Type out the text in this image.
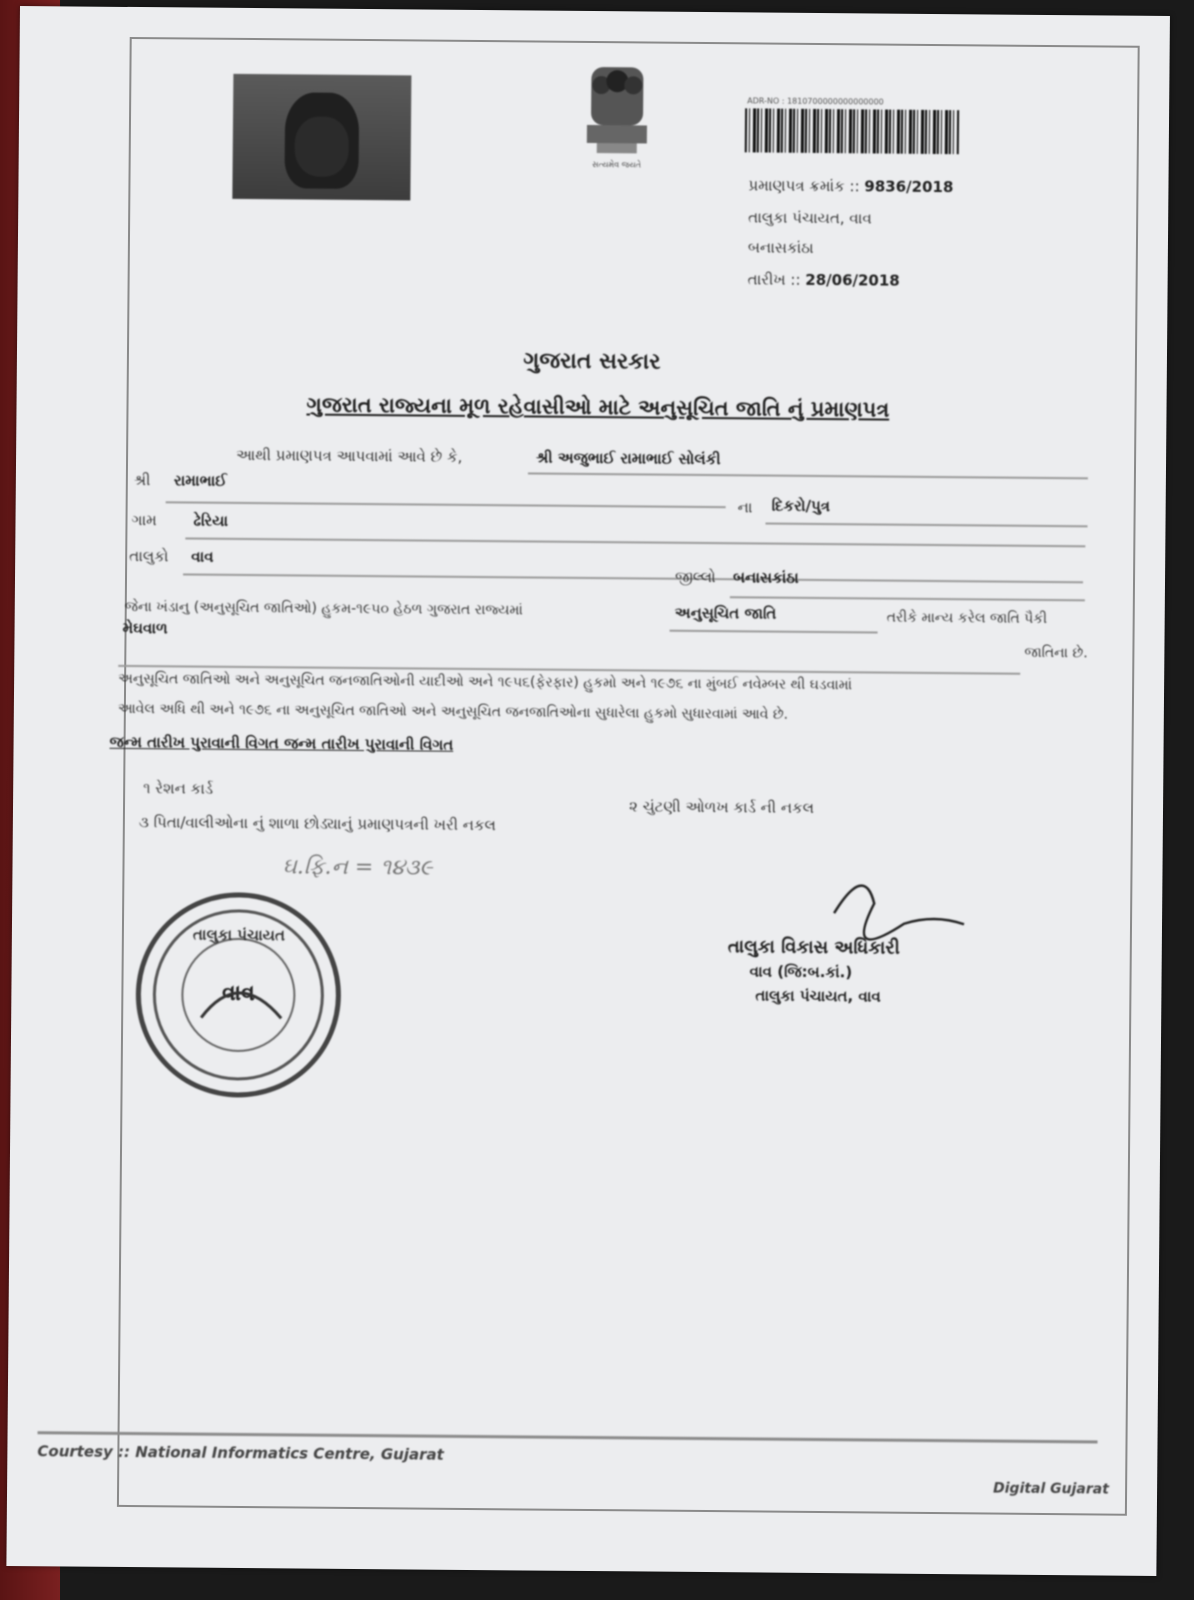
સત્યમેવ જયતે
ADR-NO : 1810700000000000000
પ્રમાણપત્ર ક્રમાંક :: 9836/2018
તાલુકા પંચાયત, વાવ
બનાસકાંઠા
તારીખ :: 28/06/2018
ગુજરાત સરકાર
ગુજરાત રાજ્યના મૂળ રહેવાસીઓ માટે અનુસૂચિત જાતિ નું પ્રમાણપત્ર
આથી પ્રમાણપત્ર આપવામાં આવે છે કે,	શ્રી અજુભાઈ રામાભાઈ સોલંકી
શ્રી રામાભાઈ
ના દિકરો/પુત્ર
ગામ ઢેરિયા
તાલુકો વાવ
જીલ્લો બનાસકાંઠા
જેના ખંડાનુ (અનુસૂચિત જાતિઓ) હુકમ-૧૯૫૦ હેઠળ ગુજરાત રાજ્યમાં	અનુસૂચિત જાતિ	તરીકે માન્ય કરેલ જાતિ પૈકી
મેઘવાળ
જાતિના છે.
અનુસૂચિત જાતિઓ અને અનુસૂચિત જનજાતિઓની યાદીઓ અને ૧૯૫૬(ફેરફાર) હુકમો અને ૧૯૭૬ ના મુંબઈ નવેમ્બર થી ઘડવામાં
આવેલ અધિ થી અને ૧૯૭૬ ના અનુસૂચિત જાતિઓ અને અનુસૂચિત જનજાતિઓના સુધારેલા હુકમો સુધારવામાં આવે છે.
જન્મ તારીખ પુરાવાની વિગત જન્મ તારીખ પુરાવાની વિગત
૧ રેશન કાર્ડ
૨ ચુંટણી ઓળખ કાર્ડ ની નકલ
૩ પિતા/વાલીઓના નું શાળા છોડ્યાનું પ્રમાણપત્રની ખરી નકલ
ઘ.ફિ.ન = ૧૪૩૯
તાલુકા પંચાયત
વાવ
તાલુકા વિકાસ અધિકારી
વાવ (જિ:બ.કાં.)
તાલુકા પંચાયત, વાવ
Courtesy :: National Informatics Centre, Gujarat
Digital Gujarat
